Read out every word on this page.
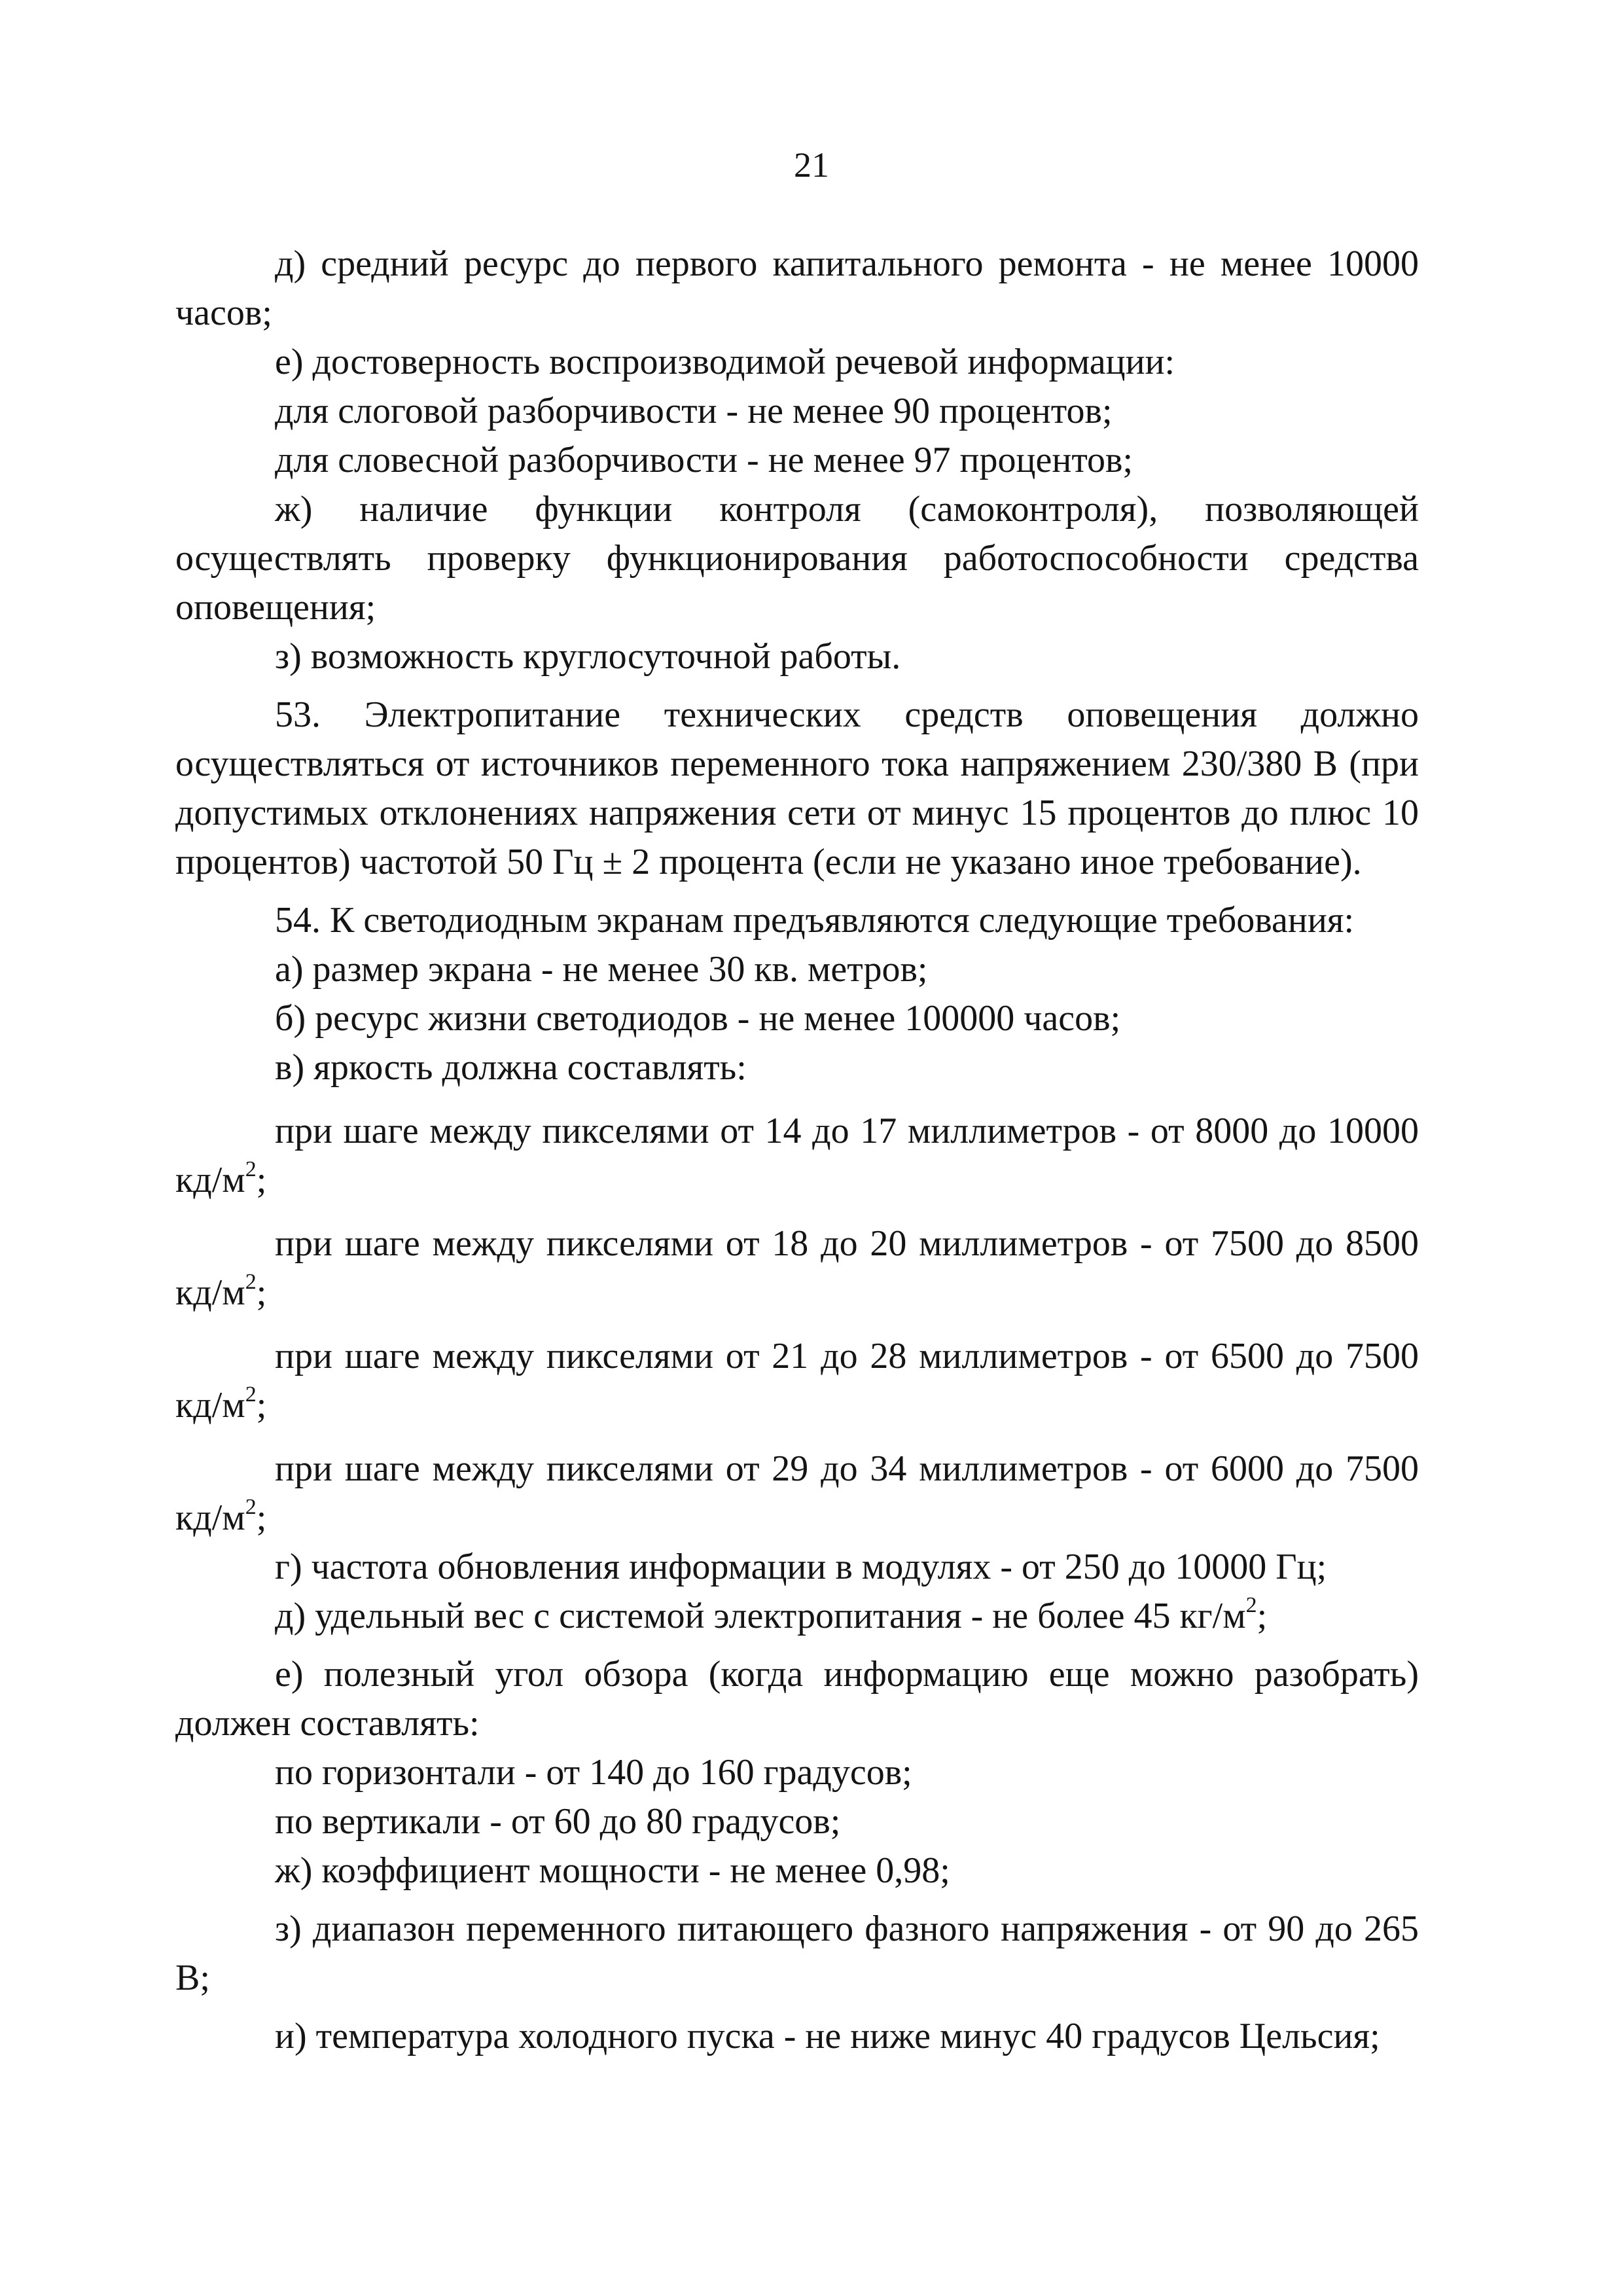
21

д) средний ресурс до первого капитального ремонта - не менее 10000 часов;

е) достоверность воспроизводимой речевой информации:

для слоговой разборчивости - не менее 90 процентов;

для словесной разборчивости - не менее 97 процентов;

ж) наличие функции контроля (самоконтроля), позволяющей осуществлять проверку функционирования работоспособности средства оповещения;

з) возможность круглосуточной работы.

53. Электропитание технических средств оповещения должно осуществляться от источников переменного тока напряжением 230/380 В (при допустимых отклонениях напряжения сети от минус 15 процентов до плюс 10 процентов) частотой 50 Гц ± 2 процента (если не указано иное требование).

54. К светодиодным экранам предъявляются следующие требования:

а) размер экрана - не менее 30 кв. метров;

б) ресурс жизни светодиодов - не менее 100000 часов;

в) яркость должна составлять:

при шаге между пикселями от 14 до 17 миллиметров - от 8000 до 10000 $кд/м^2$;

при шаге между пикселями от 18 до 20 миллиметров - от 7500 до 8500 $кд/м^2$;

при шаге между пикселями от 21 до 28 миллиметров - от 6500 до 7500 $кд/м^2$;

при шаге между пикселями от 29 до 34 миллиметров - от 6000 до 7500 $кд/м^2$;

г) частота обновления информации в модулях - от 250 до 10000 Гц;

д) удельный вес с системой электропитания - не более 45 $кг/м^2$;

е) полезный угол обзора (когда информацию еще можно разобрать) должен составлять:

по горизонтали - от 140 до 160 градусов;

по вертикали - от 60 до 80 градусов;

ж) коэффициент мощности - не менее 0,98;

з) диапазон переменного питающего фазного напряжения - от 90 до 265 В;

и) температура холодного пуска - не ниже минус 40 градусов Цельсия;
